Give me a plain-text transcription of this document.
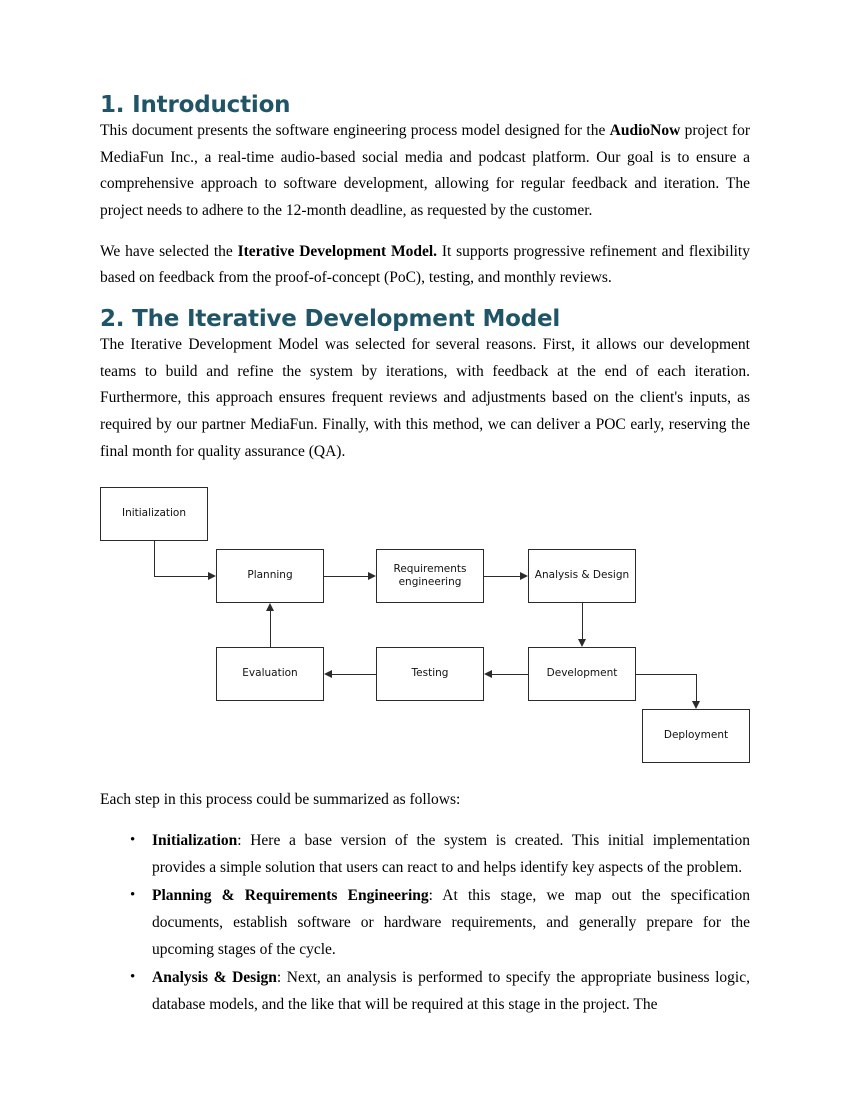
1. Introduction

This document presents the software engineering process model designed for the AudioNow project for MediaFun Inc., a real-time audio-based social media and podcast platform. Our goal is to ensure a comprehensive approach to software development, allowing for regular feedback and iteration. The project needs to adhere to the 12-month deadline, as requested by the customer.

We have selected the Iterative Development Model. It supports progressive refinement and flexibility based on feedback from the proof-of-concept (PoC), testing, and monthly reviews.

2. The Iterative Development Model

The Iterative Development Model was selected for several reasons. First, it allows our development teams to build and refine the system by iterations, with feedback at the end of each iteration. Furthermore, this approach ensures frequent reviews and adjustments based on the client's inputs, as required by our partner MediaFun. Finally, with this method, we can deliver a POC early, reserving the final month for quality assurance (QA).

Initialization
Planning
Requirements engineering
Analysis & Design
Development
Testing
Evaluation
Deployment

Each step in this process could be summarized as follows:

• Initialization: Here a base version of the system is created. This initial implementation provides a simple solution that users can react to and helps identify key aspects of the problem.
• Planning & Requirements Engineering: At this stage, we map out the specification documents, establish software or hardware requirements, and generally prepare for the upcoming stages of the cycle.
• Analysis & Design: Next, an analysis is performed to specify the appropriate business logic, database models, and the like that will be required at this stage in the project. The
